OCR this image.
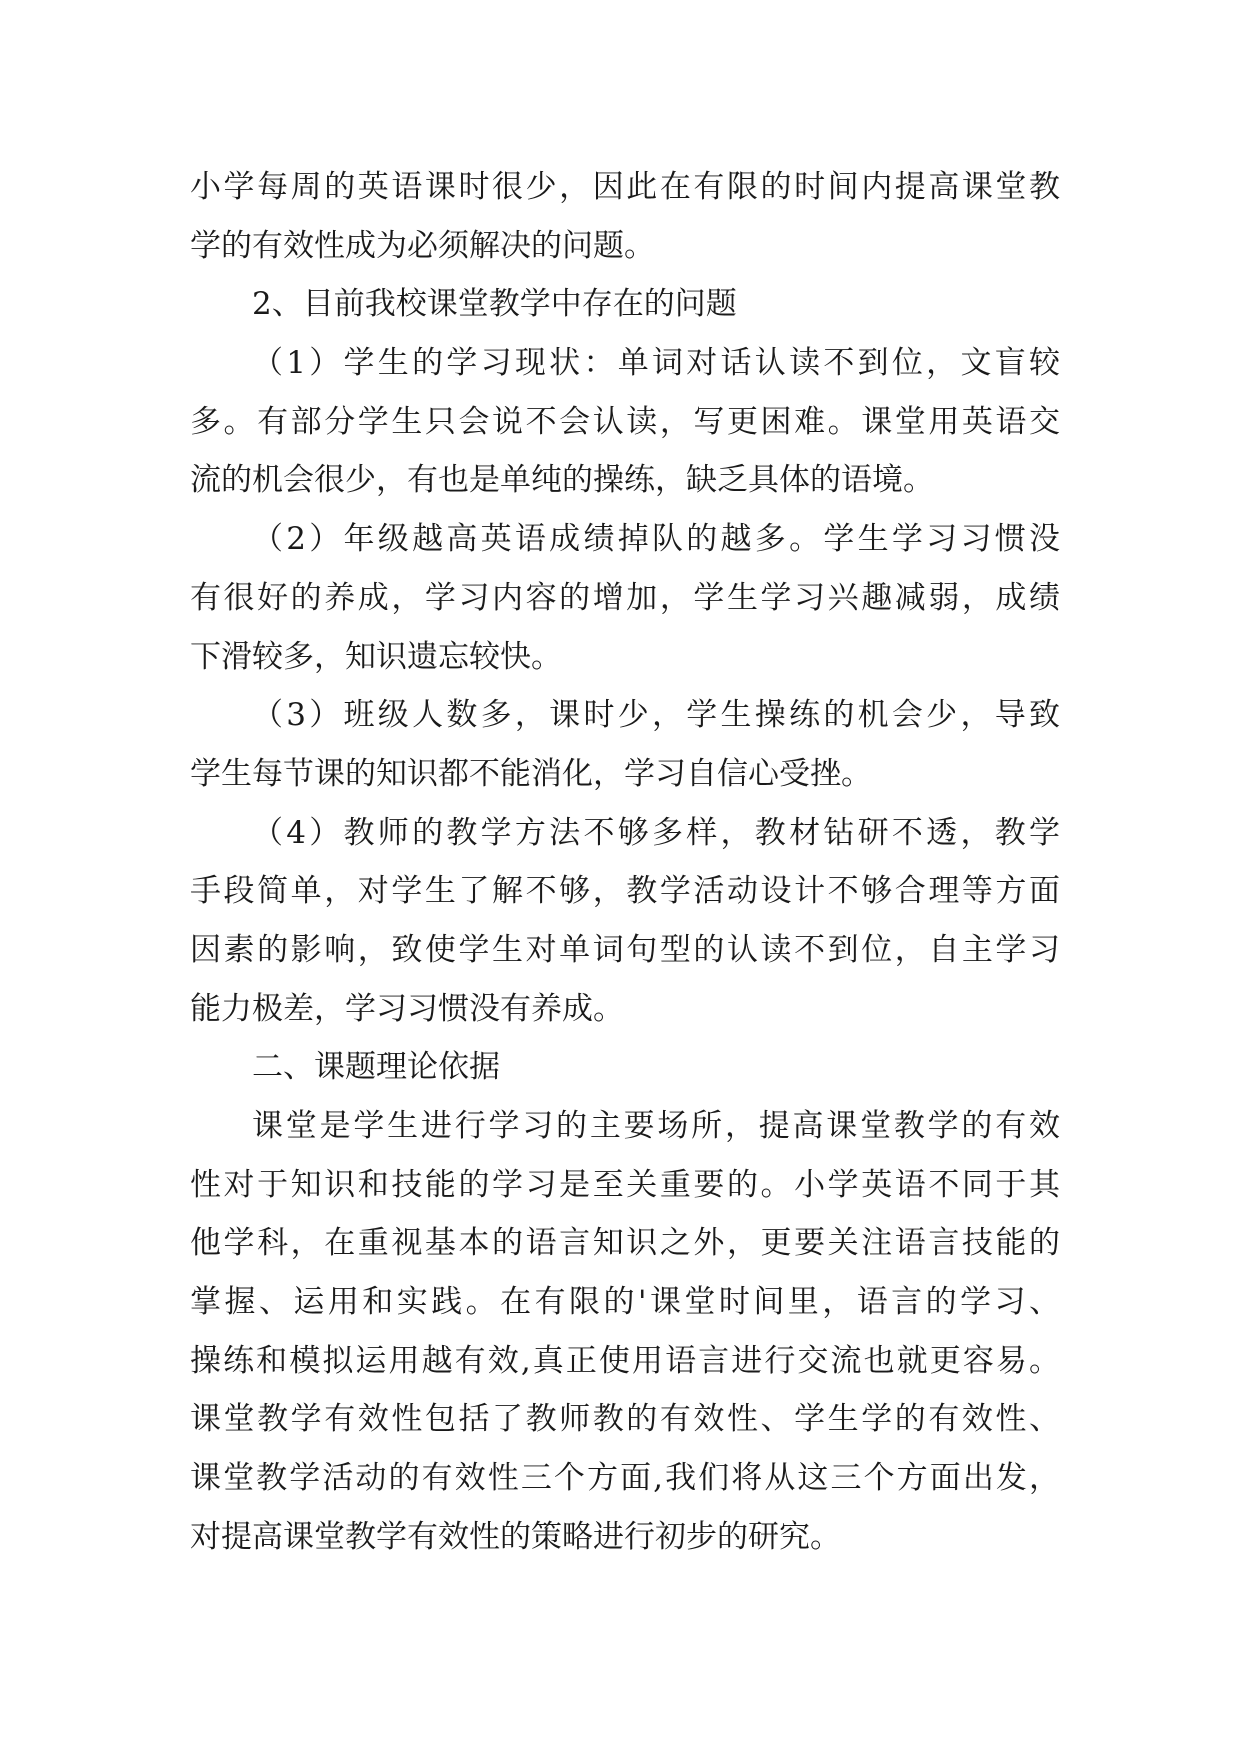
小学每周的英语课时很少，因此在有限的时间内提高课堂教
学的有效性成为必须解决的问题。
2、目前我校课堂教学中存在的问题
（1）学生的学习现状：单词对话认读不到位，文盲较
多。有部分学生只会说不会认读，写更困难。课堂用英语交
流的机会很少，有也是单纯的操练，缺乏具体的语境。
（2）年级越高英语成绩掉队的越多。学生学习习惯没
有很好的养成，学习内容的增加，学生学习兴趣减弱，成绩
下滑较多，知识遗忘较快。
（3）班级人数多，课时少，学生操练的机会少，导致
学生每节课的知识都不能消化，学习自信心受挫。
（4）教师的教学方法不够多样，教材钻研不透，教学
手段简单，对学生了解不够，教学活动设计不够合理等方面
因素的影响，致使学生对单词句型的认读不到位，自主学习
能力极差，学习习惯没有养成。
二、课题理论依据
课堂是学生进行学习的主要场所，提高课堂教学的有效
性对于知识和技能的学习是至关重要的。小学英语不同于其
他学科，在重视基本的语言知识之外，更要关注语言技能的
掌握、运用和实践。在有限的'课堂时间里，语言的学习、
操练和模拟运用越有效,真正使用语言进行交流也就更容易。
课堂教学有效性包括了教师教的有效性、学生学的有效性、
课堂教学活动的有效性三个方面,我们将从这三个方面出发，
对提高课堂教学有效性的策略进行初步的研究。
